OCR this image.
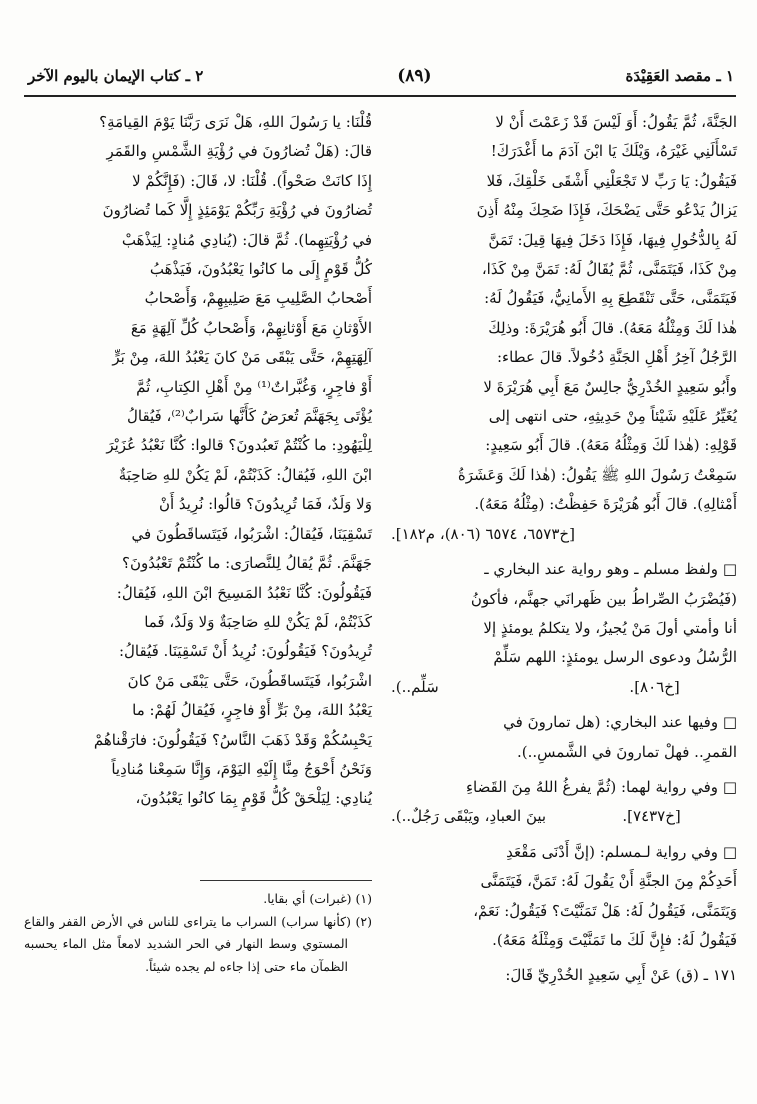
١ ـ مقصد العَقِيْدَة
(٨٩)
٢ ـ كتاب الإيمان باليوم الآخر

الجَنَّةَ، ثُمَّ يَقُولُ: أَوَ لَيْسَ قَدْ زَعَمْتَ أَنْ لا

تَسْأَلَنِي غَيْرَهُ، وَيْلَكَ يَا ابْنَ آدَمَ ما أَغْدَرَكَ!

فَيَقُولُ: يَا رَبِّ لا تَجْعَلْنِي أَشْقَى خَلْقِكَ، فَلا

يَزالُ يَدْعُو حَتَّى يَضْحَكَ، فَإِذَا ضَحِكَ مِنْهُ أَذِنَ

لَهُ بِالدُّخُولِ فِيهَا، فَإِذَا دَخَلَ فِيهَا قِيلَ: تَمَنَّ

مِنْ كَذَا، فَيَتَمَنَّى، ثُمَّ يُقَالُ لَهُ: تَمَنَّ مِنْ كَذَا،

فَيَتَمَنَّى، حَتَّى تَنْقَطِعَ بِهِ الأَمانِيُّ، فَيَقُولُ لَهُ:

هٰذا لَكَ وَمِثْلُهُ مَعَهُ). قالَ أَبُو هُرَيْرَةَ: وذلِكَ

الرَّجُلُ آخِرُ أَهْلِ الجَنَّةِ دُخُولاً. قالَ عطاء:

وأَبُو سَعِيدٍ الخُدْرِيُّ جالِسٌ مَعَ أَبِي هُرَيْرَةَ لا

يُغَيِّرُ عَلَيْهِ شَيْئاً مِنْ حَدِيثِهِ، حتى انتهى إلى

قَوْلِهِ: (هٰذا لَكَ وَمِثْلُهُ مَعَهُ). قالَ أَبُو سَعِيدٍ:

سَمِعْتُ رَسُولَ اللهِ ﷺ يَقُولُ: (هٰذا لَكَ وَعَشَرَةُ

أَمْثالِهِ). قالَ أَبُو هُرَيْرَةَ حَفِظْتُ: (مِثْلُهُ مَعَهُ).

[خ٦٥٧٣، ٦٥٧٤ (٨٠٦)، م١٨٢].

□ ولفظ مسلم ـ وهو رواية عند البخاري ـ

(فَيُضْرَبُ الصِّراطُ بين ظَهرانَي جهنَّم، فأكونُ

أنا وأمتي أولَ مَنْ يُجيزُ، ولا يتكلمُ يومئذٍ إلا

الرُّسُلُ ودعوى الرسل يومئذٍ: اللهم سَلِّمْ

[خ٨٠٦].                                        سَلِّم..).

□ وفيها عند البخاري: (هل تمارونَ في

القمرِ.. فهلْ تمارونَ في الشَّمسِ..).

□ وفي رواية لهما: (ثُمَّ يفرغُ اللهُ مِنَ القَضاءِ

[خ٧٤٣٧].                بينَ العبادِ، ويَبْقَى رَجُلٌ..).

□ وفي رواية لـمسلم: (إنَّ أَدْنَى مَقْعَدِ

أَحَدِكُمْ مِنَ الجنَّةِ أَنْ يَقُولَ لَهُ: تَمَنَّ، فَيَتَمَنَّى

وَيَتَمَنَّى، فَيَقُولُ لَهُ: هَلْ تَمَنَّيْتَ؟ فَيَقُولُ: نَعَمْ،

فَيَقُولُ لَهُ: فإِنَّ لَكَ ما تَمَنَّيْتَ وَمِثْلَهُ مَعَهُ).

١٧١ ـ (ق) عَنْ أَبِي سَعِيدٍ الخُدْرِيِّ قَالَ:

قُلْنَا: يا رَسُولَ اللهِ، هَلْ نَرَى رَبَّنَا يَوْمَ القِيامَةِ؟

قالَ: (هَلْ تُضارُونَ في رُؤْيَةِ الشَّمْسِ والقَمَرِ

إِذَا كانَتْ صَحْواً). قُلْنَا: لا، قَالَ: (فَإِنَّكُمْ لا

تُضارُونَ في رُؤْيَةِ رَبِّكُمْ يَوْمَئِذٍ إِلَّا كَما تُضارُونَ

في رُؤْيَتِهِما). ثُمَّ قالَ: (يُنادِي مُنادٍ: لِيَذْهَبْ

كُلُّ قَوْمٍ إِلَى ما كانُوا يَعْبُدُونَ، فَيَذْهَبُ

أَصْحابُ الصَّلِيبِ مَعَ صَلِيبِهِمْ، وَأَصْحابُ

الأَوْثانِ مَعَ أَوْثانِهِمْ، وَأَصْحابُ كُلِّ آلِهَةٍ مَعَ

آلِهَتِهِمْ، حَتَّى يَبْقَى مَنْ كانَ يَعْبُدُ اللهَ، مِنْ بَرٍّ

أَوْ فاجِرٍ، وَغُبَّراتٌ⁽¹⁾ مِنْ أَهْلِ الكِتابِ، ثُمَّ

يُؤْتَى بِجَهَنَّمَ تُعرَضُ كَأَنَّها سَرابٌ⁽²⁾، فَيُقالُ

لِلْيَهُودِ: ما كُنْتُمْ تَعبُدونَ؟ قالوا: كُنَّا نَعْبُدُ عُزَيْرَ

ابْنَ اللهِ، فَيُقالُ: كَذَبْتُمْ، لَمْ يَكُنْ للهِ صَاحِبَةٌ

وَلا وَلَدٌ، فَمَا تُرِيدُونَ؟ قالُوا: نُرِيدُ أَنْ

تَسْقِيَنَا، فَيُقالُ: اشْرَبُوا، فَيَتَساقَطُونَ في

جَهَنَّمَ. ثُمَّ يُقالُ لِلنَّصارَى: ما كُنْتُمْ تَعْبُدُونَ؟

فَيَقُولُونَ: كُنَّا نَعْبُدُ المَسِيحَ ابْنَ اللهِ، فَيُقالُ:

كَذَبْتُمْ، لَمْ يَكُنْ للهِ صَاحِبَةٌ وَلا وَلَدٌ، فَما

تُرِيدُونَ؟ فَيَقُولُونَ: نُرِيدُ أَنْ تَسْقِيَنَا. فَيُقالُ:

اشْرَبُوا، فَيَتَساقَطُونَ، حَتَّى يَبْقَى مَنْ كانَ

يَعْبُدُ اللهَ، مِنْ بَرٍّ أَوْ فاجِرٍ، فَيُقالُ لَهُمْ: ما

يَحْبِسُكُمْ وَقَدْ ذَهَبَ النَّاسُ؟ فَيَقُولُونَ: فارَقْناهُمْ

وَنَحْنُ أَحْوَجُ مِنَّا إِلَيْهِ اليَوْمَ، وَإِنَّا سَمِعْنا مُنادِياً

يُنادِي: لِيَلْحَقْ كُلُّ قَوْمٍ بِمَا كانُوا يَعْبُدُونَ،

(١) (غبرات) أي بقايا.

(٢) (كأنها سراب) السراب ما يتراءى للناس في الأرض القفر والقاع المستوي وسط النهار في الحر الشديد لامعاً مثل الماء يحسبه الظمآن ماء حتى إذا جاءه لم يجده شيئاً.
